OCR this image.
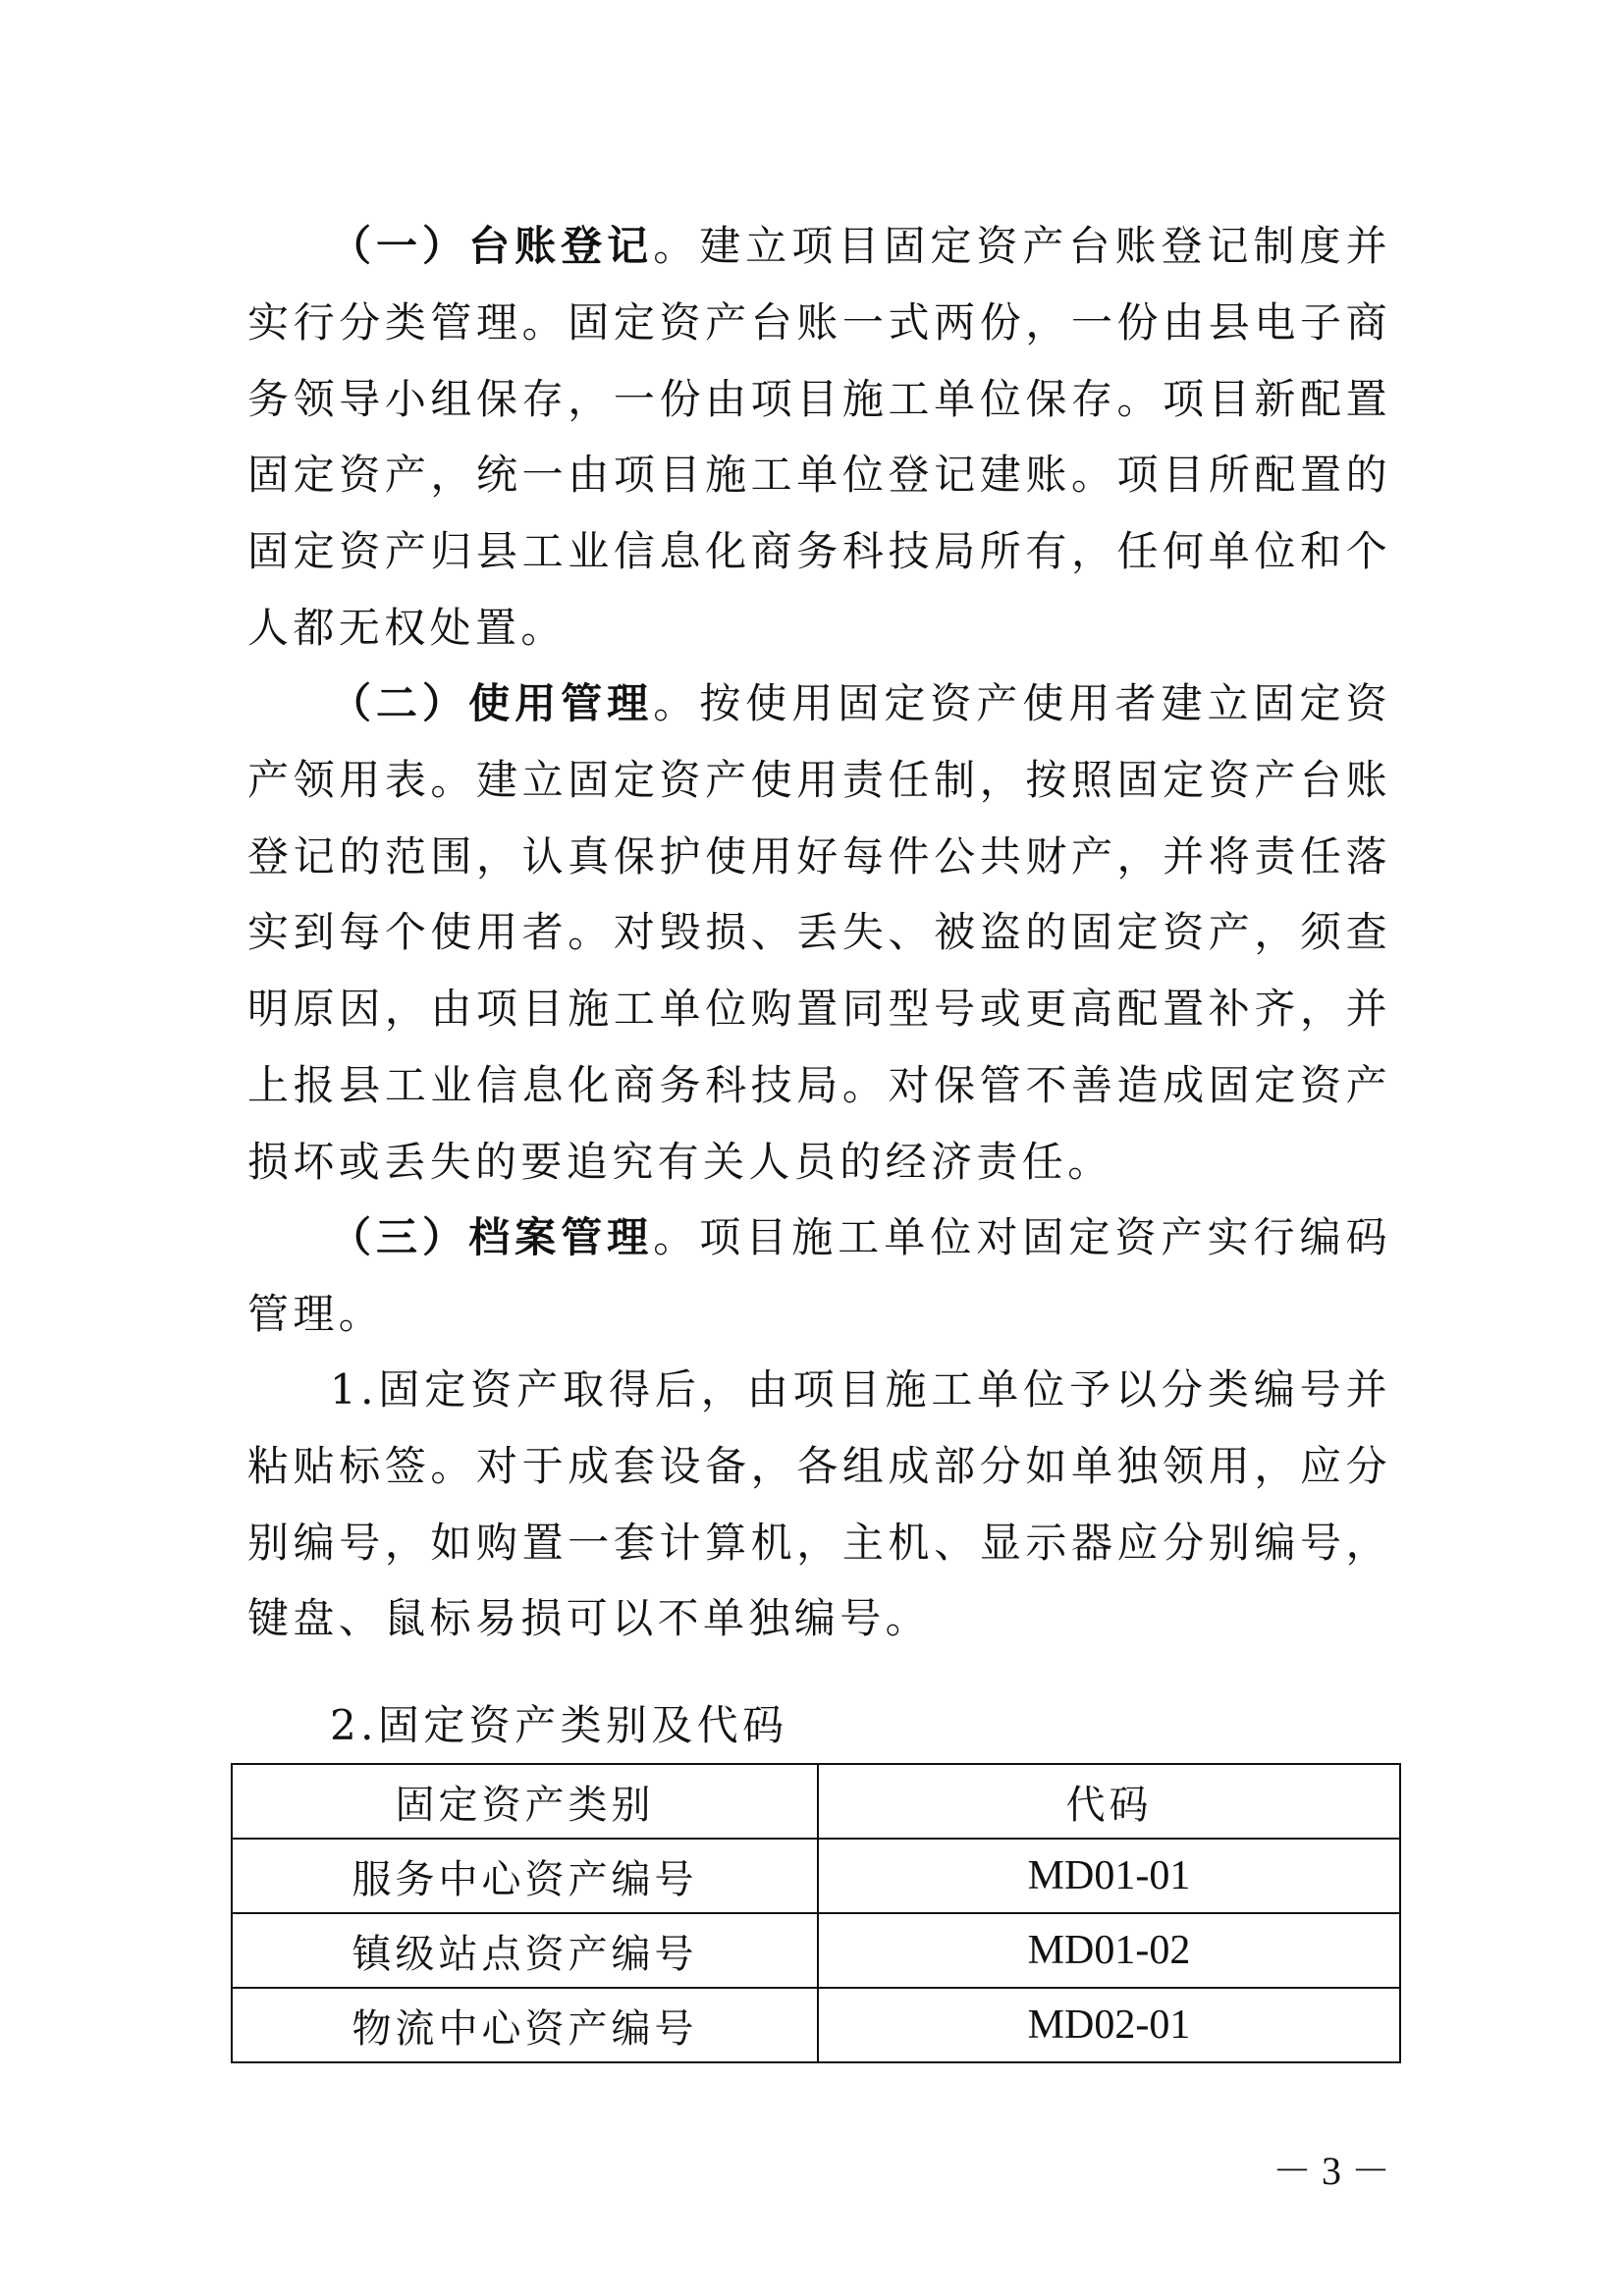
（一）台账登记。建立项目固定资产台账登记制度并实行分类管理。固定资产台账一式两份，一份由县电子商务领导小组保存，一份由项目施工单位保存。项目新配置固定资产，统一由项目施工单位登记建账。项目所配置的固定资产归县工业信息化商务科技局所有，任何单位和个人都无权处置。

（二）使用管理。按使用固定资产使用者建立固定资产领用表。建立固定资产使用责任制，按照固定资产台账登记的范围，认真保护使用好每件公共财产，并将责任落实到每个使用者。对毁损、丢失、被盗的固定资产，须查明原因，由项目施工单位购置同型号或更高配置补齐，并上报县工业信息化商务科技局。对保管不善造成固定资产损坏或丢失的要追究有关人员的经济责任。

（三）档案管理。项目施工单位对固定资产实行编码管理。

1.固定资产取得后，由项目施工单位予以分类编号并粘贴标签。对于成套设备，各组成部分如单独领用，应分别编号，如购置一套计算机，主机、显示器应分别编号，键盘、鼠标易损可以不单独编号。

2.固定资产类别及代码

固定资产类别	代码
服务中心资产编号	MD01-01
镇级站点资产编号	MD01-02
物流中心资产编号	MD02-01

－ 3 －
